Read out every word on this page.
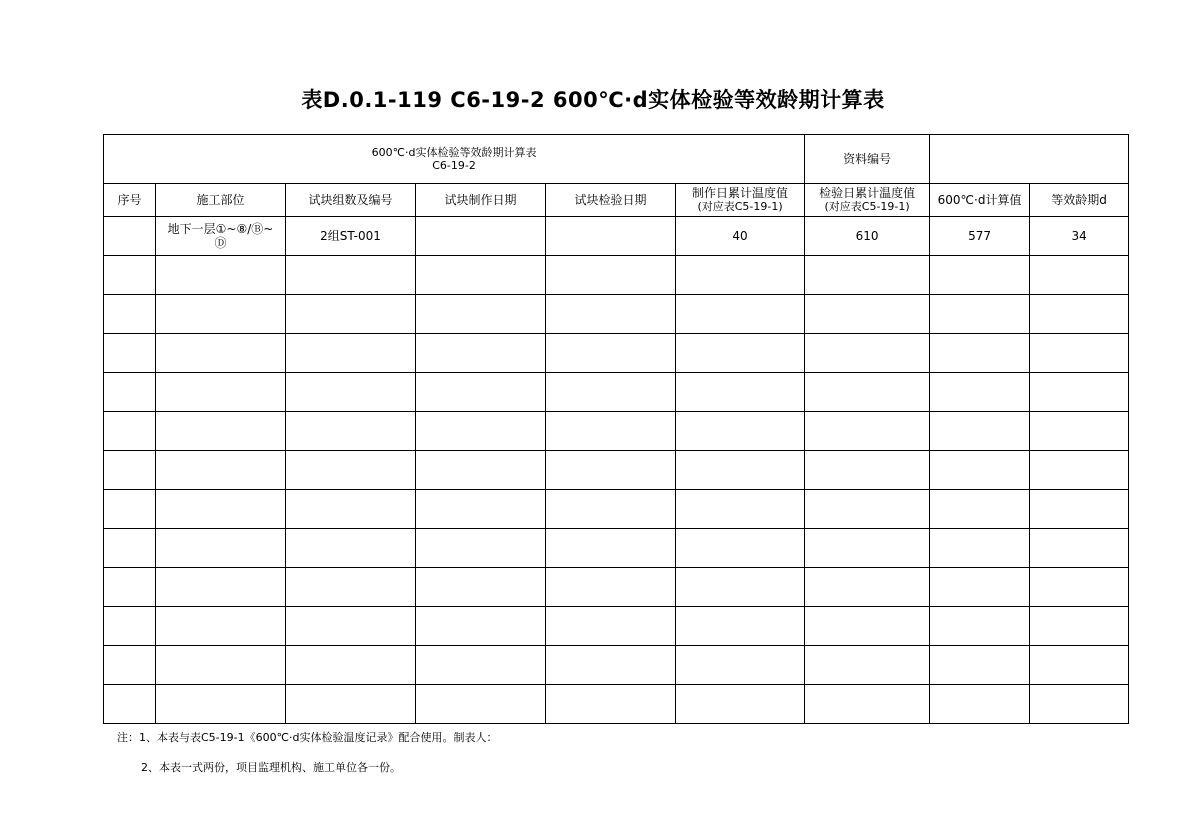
表D.0.1-119 C6-19-2 600℃·d实体检验等效龄期计算表
600℃·d实体检验等效龄期计算表
C6-19-2						资料编号		
序号	施工部位	试块组数及编号	试块制作日期	试块检验日期	制作日累计温度值
(对应表C5-19-1)	检验日累计温度值
(对应表C5-19-1)	600℃·d计算值	等效龄期d

	地下一层①~⑧/Ⓑ~
Ⓓ	2组ST-001			40	610	577	34

注：1、本表与表C5-19-1《600℃·d实体检验温度记录》配合使用。制表人：
2、本表一式两份，项目监理机构、施工单位各一份。
